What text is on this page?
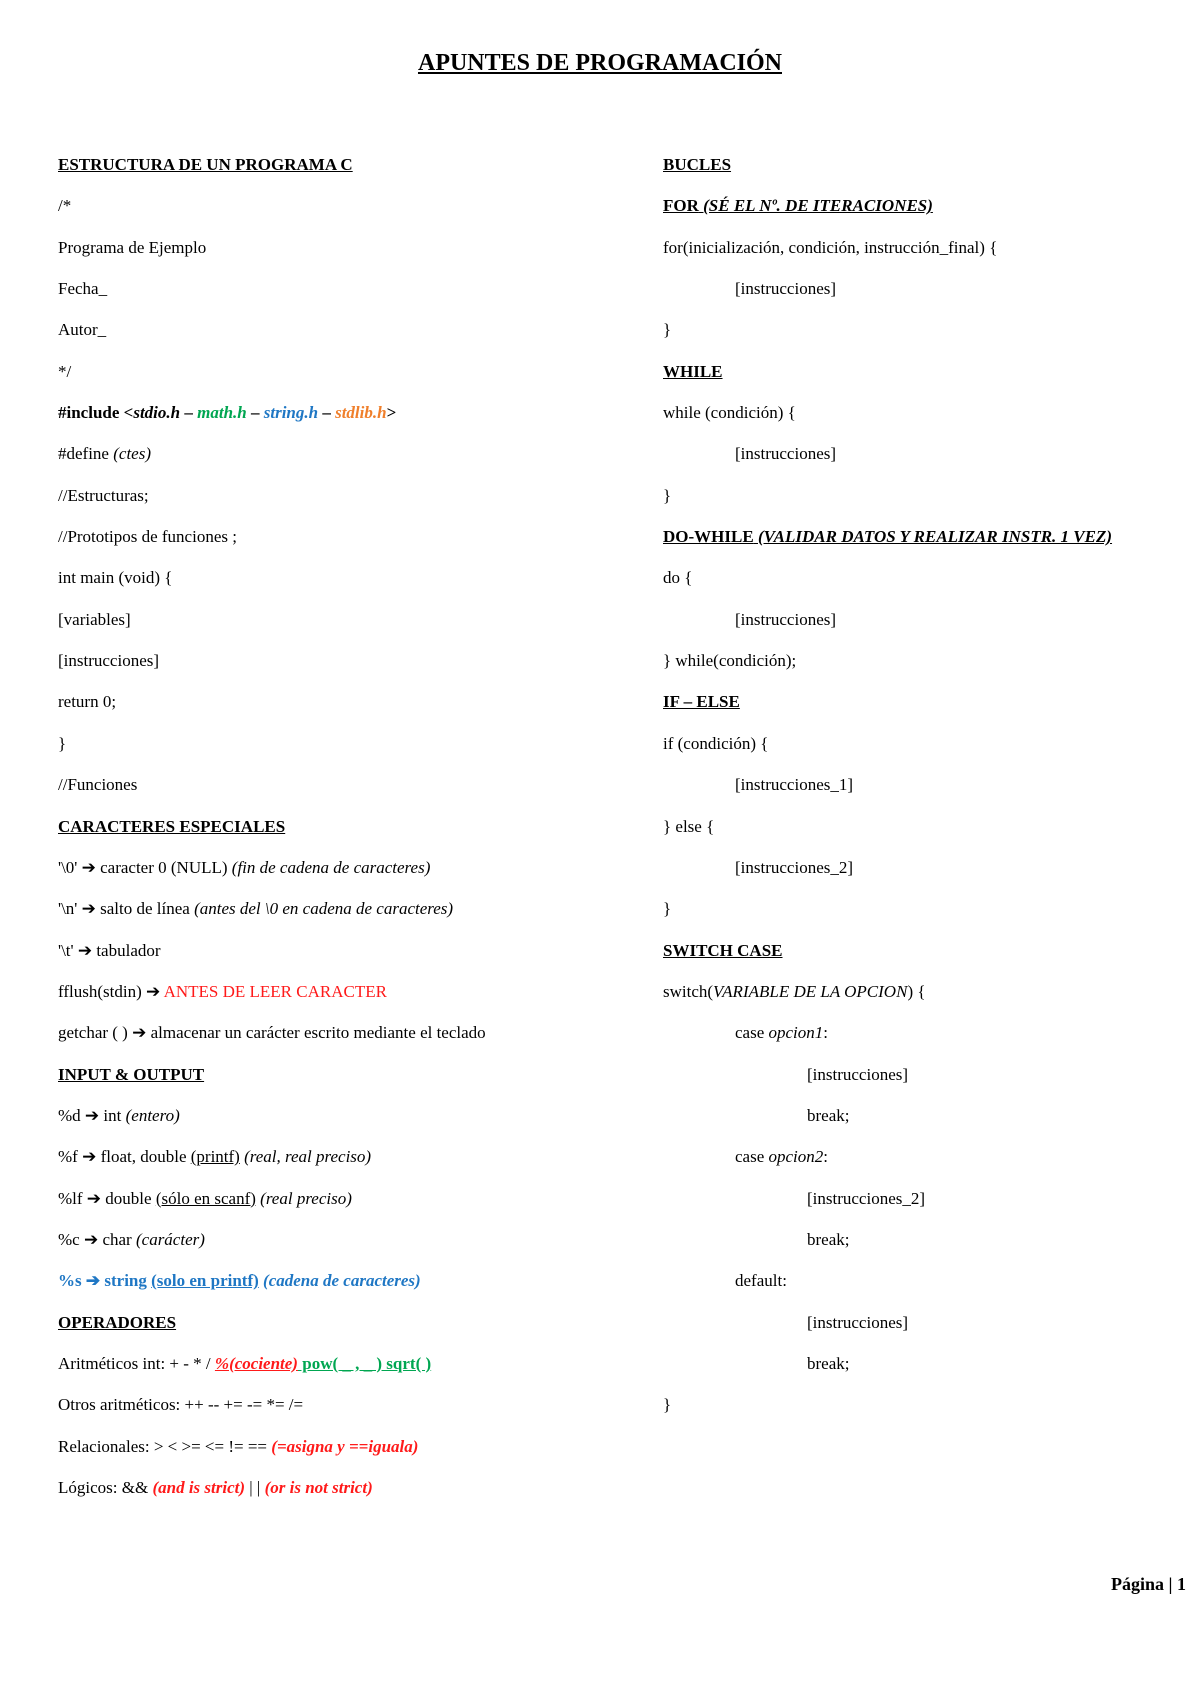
APUNTES DE PROGRAMACIÓN
ESTRUCTURA DE UN PROGRAMA C
/*
Programa de Ejemplo
Fecha_
Autor_
*/
#include <stdio.h – math.h – string.h – stdlib.h>
#define (ctes)
//Estructuras;
//Prototipos de funciones ;
int main (void) {
[variables]
[instrucciones]
return 0;
}
//Funciones
CARACTERES ESPECIALES
'\0' ➔ caracter 0 (NULL) (fin de cadena de caracteres)
'\n' ➔ salto de línea (antes del \0 en cadena de caracteres)
'\t' ➔ tabulador
fflush(stdin) ➔ ANTES DE LEER CARACTER
getchar ( ) ➔ almacenar un carácter escrito mediante el teclado
INPUT & OUTPUT
%d ➔ int (entero)
%f ➔ float, double (printf) (real, real preciso)
%lf ➔ double (sólo en scanf) (real preciso)
%c ➔ char (carácter)
%s ➔ string (solo en printf) (cadena de caracteres)
OPERADORES
Aritméticos int: + - * / %(cociente) pow( _ , _ ) sqrt( )
Otros aritméticos: ++ -- += -= *= /=
Relacionales: > < >= <= != == (=asigna y ==iguala)
Lógicos: && (and is strict) | | (or is not strict)
BUCLES
FOR (SÉ EL Nº. DE ITERACIONES)
for(inicialización, condición, instrucción_final) {
[instrucciones]
}
WHILE
while (condición) {
[instrucciones]
}
DO-WHILE (VALIDAR DATOS Y REALIZAR INSTR. 1 VEZ)
do {
[instrucciones]
} while(condición);
IF – ELSE
if (condición) {
[instrucciones_1]
} else {
[instrucciones_2]
}
SWITCH CASE
switch(VARIABLE DE LA OPCION) {
case opcion1:
[instrucciones]
break;
case opcion2:
[instrucciones_2]
break;
default:
[instrucciones]
break;
}
Página | 1
